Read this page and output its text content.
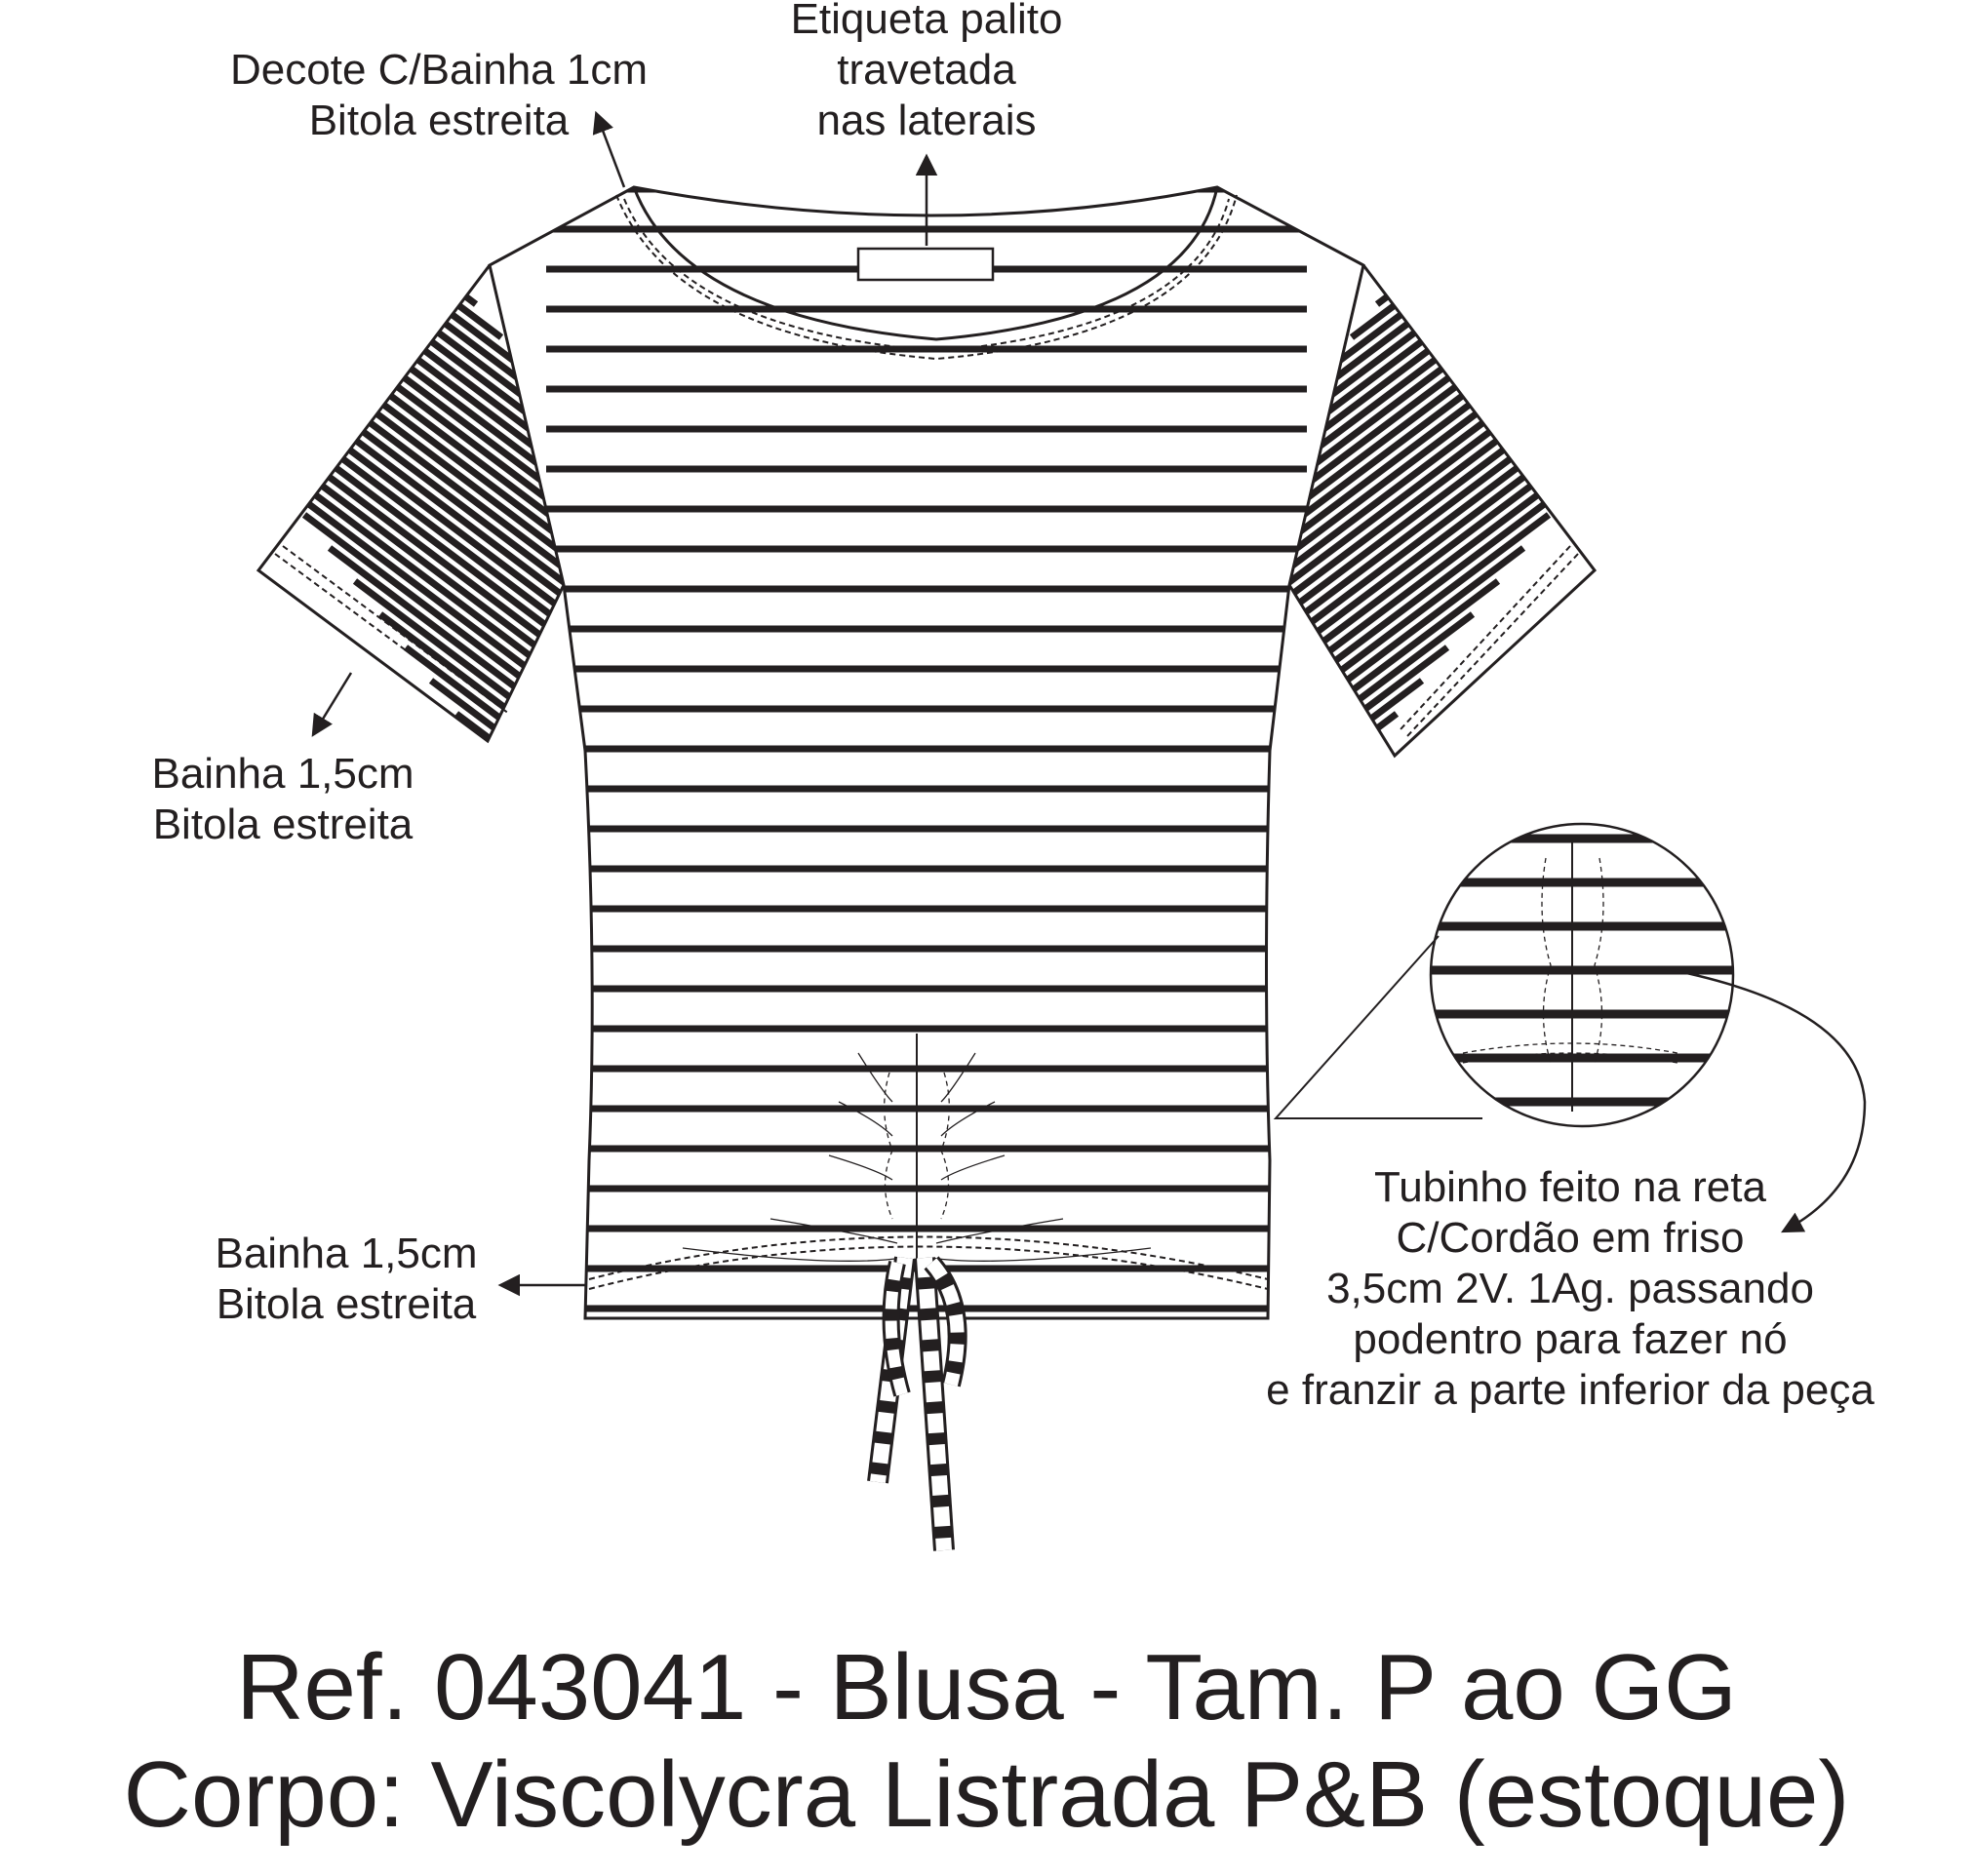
Decote C/Bainha 1cm
Bitola estreita
Etiqueta palito
travetada
nas laterais
Bainha 1,5cm
Bitola estreita
Bainha 1,5cm
Bitola estreita
Tubinho feito na reta
C/Cordão em friso
3,5cm 2V. 1Ag. passando
podentro para fazer nó
e franzir a parte inferior da peça
Ref. 043041 - Blusa - Tam. P ao GG
Corpo: Viscolycra Listrada P&B (estoque)
